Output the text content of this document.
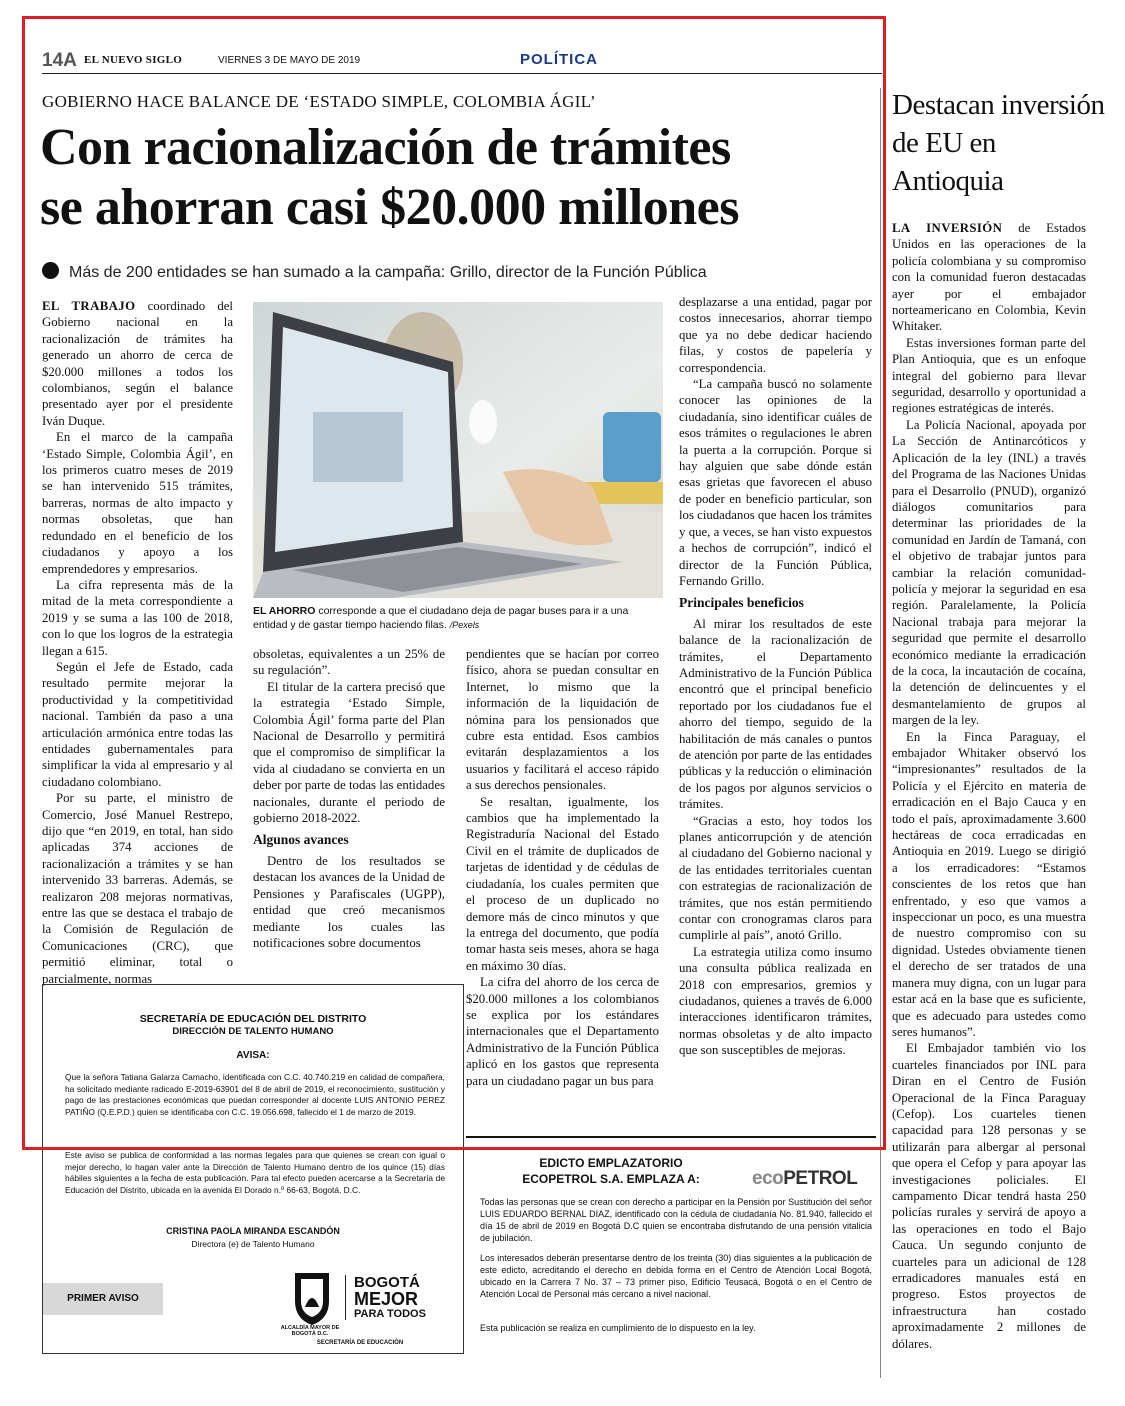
14A EL NUEVO SIGLO	VIERNES 3 DE MAYO DE 2019	POLÍTICA
GOBIERNO HACE BALANCE DE ‘ESTADO SIMPLE, COLOMBIA ÁGIL’
Con racionalización de trámites
se ahorran casi $20.000 millones
Más de 200 entidades se han sumado a la campaña: Grillo, director de la Función Pública

EL TRABAJO coordinado del Gobierno nacional en la racionalización de trámites ha generado un ahorro de cerca de $20.000 millones a todos los colombianos, según el balance presentado ayer por el presidente Iván Duque.

En el marco de la campaña ‘Estado Simple, Colombia Ágil’, en los primeros cuatro meses de 2019 se han intervenido 515 trámites, barreras, normas de alto impacto y normas obsoletas, que han redundado en el beneficio de los ciudadanos y apoyo a los emprendedores y empresarios.

La cifra representa más de la mitad de la meta correspondiente a 2019 y se suma a las 100 de 2018, con lo que los logros de la estrategia llegan a 615.

Según el Jefe de Estado, cada resultado permite mejorar la productividad y la competitividad nacional. También da paso a una articulación armónica entre todas las entidades gubernamentales para simplificar la vida al empresario y al ciudadano colombiano.

Por su parte, el ministro de Comercio, José Manuel Restrepo, dijo que “en 2019, en total, han sido aplicadas 374 acciones de racionalización a trámites y se han intervenido 33 barreras. Además, se realizaron 208 mejoras normativas, entre las que se destaca el trabajo de la Comisión de Regulación de Comunicaciones (CRC), que permitió eliminar, total o parcialmente, normas

EL AHORRO corresponde a que el ciudadano deja de pagar buses para ir a una entidad y de gastar tiempo haciendo filas. /Pexels

obsoletas, equivalentes a un 25% de su regulación”.

El titular de la cartera precisó que la estrategia ‘Estado Simple, Colombia Ágil’ forma parte del Plan Nacional de Desarrollo y permitirá que el compromiso de simplificar la vida al ciudadano se convierta en un deber por parte de todas las entidades nacionales, durante el periodo de gobierno 2018-2022.

Algunos avances

Dentro de los resultados se destacan los avances de la Unidad de Pensiones y Parafiscales (UGPP), entidad que creó mecanismos mediante los cuales las notificaciones sobre documentos

pendientes que se hacían por correo físico, ahora se puedan consultar en Internet, lo mismo que la información de la liquidación de nómina para los pensionados que cubre esta entidad. Esos cambios evitarán desplazamientos a los usuarios y facilitará el acceso rápido a sus derechos pensionales.

Se resaltan, igualmente, los cambios que ha implementado la Registraduría Nacional del Estado Civil en el trámite de duplicados de tarjetas de identidad y de cédulas de ciudadanía, los cuales permiten que el proceso de un duplicado no demore más de cinco minutos y que la entrega del documento, que podía tomar hasta seis meses, ahora se haga en máximo 30 días.

La cifra del ahorro de los cerca de $20.000 millones a los colombianos se explica por los estándares internacionales que el Departamento Administrativo de la Función Pública aplicó en los gastos que representa para un ciudadano pagar un bus para

desplazarse a una entidad, pagar por costos innecesarios, ahorrar tiempo que ya no debe dedicar haciendo filas, y costos de papelería y correspondencia.

“La campaña buscó no solamente conocer las opiniones de la ciudadanía, sino identificar cuáles de esos trámites o regulaciones le abren la puerta a la corrupción. Porque si hay alguien que sabe dónde están esas grietas que favorecen el abuso de poder en beneficio particular, son los ciudadanos que hacen los trámites y que, a veces, se han visto expuestos a hechos de corrupción”, indicó el director de la Función Pública, Fernando Grillo.

Principales beneficios

Al mirar los resultados de este balance de la racionalización de trámites, el Departamento Administrativo de la Función Pública encontró que el principal beneficio reportado por los ciudadanos fue el ahorro del tiempo, seguido de la habilitación de más canales o puntos de atención por parte de las entidades públicas y la reducción o eliminación de los pagos por algunos servicios o trámites.

“Gracias a esto, hoy todos los planes anticorrupción y de atención al ciudadano del Gobierno nacional y de las entidades territoriales cuentan con estrategias de racionalización de trámites, que nos están permitiendo contar con cronogramas claros para cumplirle al país”, anotó Grillo.

La estrategia utiliza como insumo una consulta pública realizada en 2018 con empresarios, gremios y ciudadanos, quienes a través de 6.000 interacciones identificaron trámites, normas obsoletas y de alto impacto que son susceptibles de mejoras.

Destacan inversión de EU en Antioquia

LA INVERSIÓN de Estados Unidos en las operaciones de la policía colombiana y su compromiso con la comunidad fueron destacadas ayer por el embajador norteamericano en Colombia, Kevin Whitaker.

Estas inversiones forman parte del Plan Antioquia, que es un enfoque integral del gobierno para llevar seguridad, desarrollo y oportunidad a regiones estratégicas de interés.

La Policía Nacional, apoyada por La Sección de Antinarcóticos y Aplicación de la ley (INL) a través del Programa de las Naciones Unidas para el Desarrollo (PNUD), organizó diálogos comunitarios para determinar las prioridades de la comunidad en Jardín de Tamaná, con el objetivo de trabajar juntos para cambiar la relación comunidad-policía y mejorar la seguridad en esa región. Paralelamente, la Policía Nacional trabaja para mejorar la seguridad que permite el desarrollo económico mediante la erradicación de la coca, la incautación de cocaína, la detención de delincuentes y el desmantelamiento de grupos al margen de la ley.

En la Finca Paraguay, el embajador Whitaker observó los “impresionantes” resultados de la Policía y el Ejército en materia de erradicación en el Bajo Cauca y en todo el país, aproximadamente 3.600 hectáreas de coca erradicadas en Antioquia en 2019. Luego se dirigió a los erradicadores: “Estamos conscientes de los retos que han enfrentado, y eso que vamos a inspeccionar un poco, es una muestra de nuestro compromiso con su dignidad. Ustedes obviamente tienen el derecho de ser tratados de una manera muy digna, con un lugar para estar acá en la base que es suficiente, que es adecuado para ustedes como seres humanos”.

El Embajador también vio los cuarteles financiados por INL para Diran en el Centro de Fusión Operacional de la Finca Paraguay (Cefop). Los cuarteles tienen capacidad para 128 personas y se utilizarán para albergar al personal que opera el Cefop y para apoyar las investigaciones policiales. El campamento Dicar tendrá hasta 250 policías rurales y servirá de apoyo a las operaciones en todo el Bajo Cauca. Un segundo conjunto de cuarteles para un adicional de 128 erradicadores manuales está en progreso. Estos proyectos de infraestructura han costado aproximadamente 2 millones de dólares.

SECRETARÍA DE EDUCACIÓN DEL DISTRITO
DIRECCIÓN DE TALENTO HUMANO
AVISA:
Que la señora Tatiana Galarza Camacho, identificada con C.C. 40.740.219 en calidad de compañera, ha solicitado mediante radicado E-2019-63901 del 8 de abril de 2019, el reconocimiento, sustitución y pago de las prestaciones económicas que puedan corresponder al docente LUIS ANTONIO PEREZ PATIÑO (Q.E.P.D.) quien se identificaba con C.C. 19.056.698, fallecido el 1 de marzo de 2019.
Este aviso se publica de conformidad a las normas legales para que quienes se crean con igual o mejor derecho, lo hagan valer ante la Dirección de Talento Humano dentro de los quince (15) días hábiles siguientes a la fecha de esta publicación. Para tal efecto pueden acercarse a la Secretaría de Educación del Distrito, ubicada en la avenida El Dorado n.º 66-63, Bogotá, D.C.
CRISTINA PAOLA MIRANDA ESCANDÓN
Directora (e) de Talento Humano
PRIMER AVISO
ALCALDÍA MAYOR DE BOGOTÁ D.C.
BOGOTÁ
MEJOR
PARA TODOS
SECRETARÍA DE EDUCACIÓN
EDICTO EMPLAZATORIO
ECOPETROL S.A. EMPLAZA A:	ecoPETROL
Todas las personas que se crean con derecho a participar en la Pensión por Sustitución del señor LUIS EDUARDO BERNAL DIAZ, identificado con la cédula de ciudadanía No. 81.940, fallecido el día 15 de abril de 2019 en Bogotá D.C quien se encontraba disfrutando de una pensión vitalicia de jubilación.
Los interesados deberán presentarse dentro de los treinta (30) días siguientes a la publicación de este edicto, acreditando el derecho en debida forma en el Centro de Atención Local Bogotá, ubicado en la Carrera 7 No. 37 – 73 primer piso, Edificio Teusacá, Bogotá o en el Centro de Atención Local de Personal más cercano a nivel nacional.
Esta publicación se realiza en cumplimiento de lo dispuesto en la ley.
